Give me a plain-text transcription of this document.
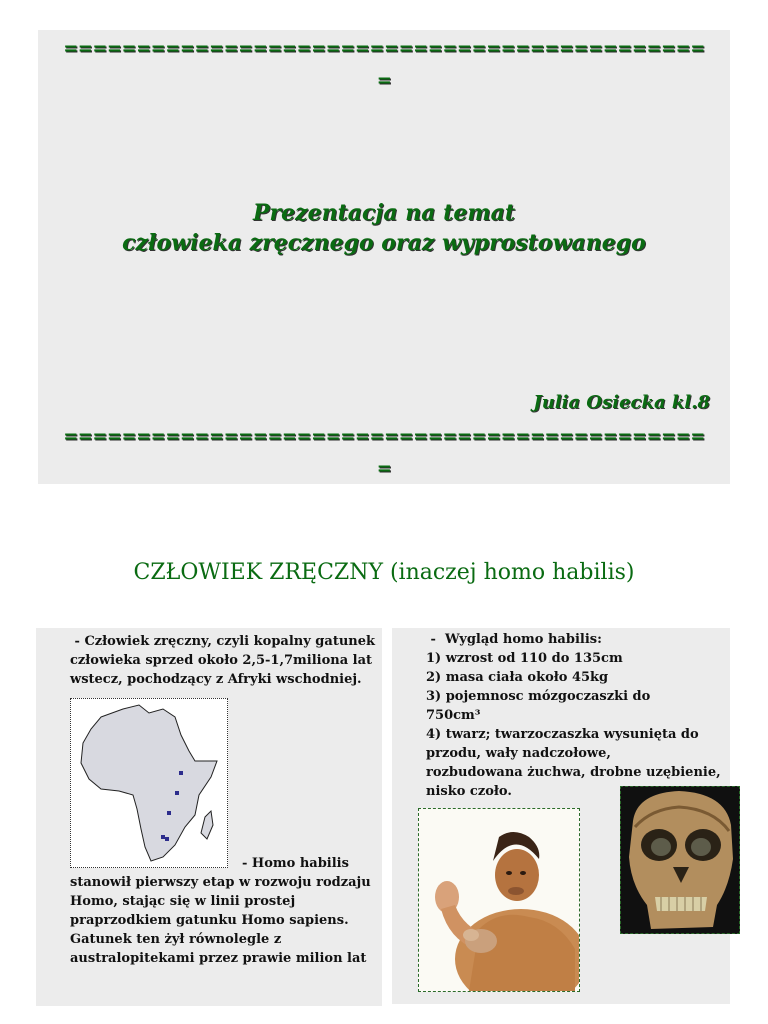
============================================
=
Prezentacja na temat
człowieka zręcznego oraz wyprostowanego
Julia Osiecka kl.8
============================================
=
CZŁOWIEK ZRĘCZNY (inaczej homo habilis)
- Człowiek zręczny, czyli kopalny gatunek
człowieka sprzed około 2,5-1,7miliona lat
wstecz, pochodzący z Afryki wschodniej.
- Homo habilis
stanowił pierwszy etap w rozwoju rodzaju
Homo, stając się w linii prostej
praprzodkiem gatunku Homo sapiens.
Gatunek ten żył równolegle z
australopitekami przez prawie milion lat
-  Wygląd homo habilis:
1) wzrost od 110 do 135cm
2) masa ciała około 45kg
3) pojemnosc mózgoczaszki do
750cm³
4) twarz; twarzoczaszka wysunięta do
przodu, wały nadczołowe,
rozbudowana żuchwa, drobne uzębienie,
nisko czoło.
